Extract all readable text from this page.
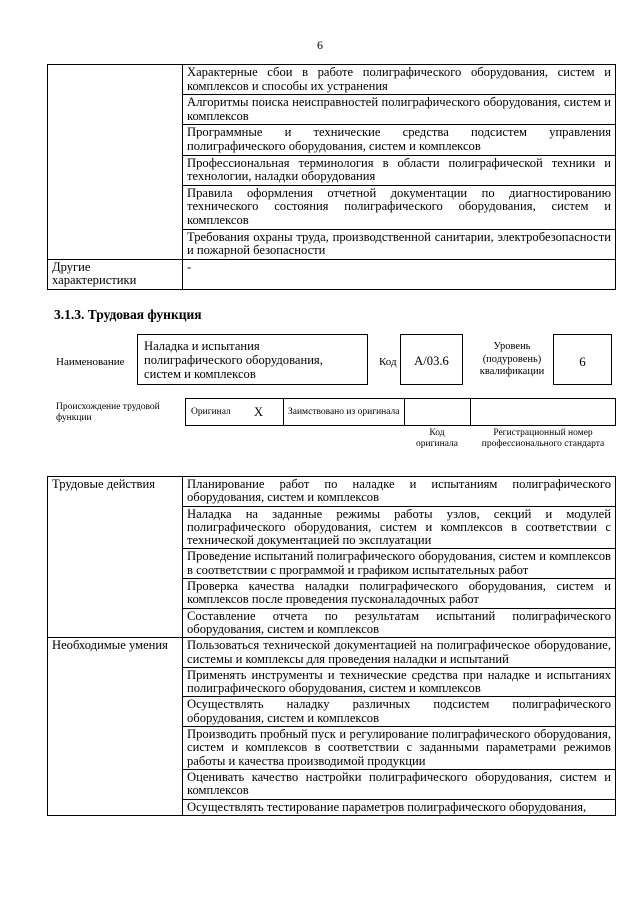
6
	Характерные сбои в работе полиграфического оборудования, систем и комплексов и способы их устранения
	Алгоритмы поиска неисправностей полиграфического оборудования, систем и комплексов
	Программные и технические средства подсистем управления полиграфического оборудования, систем и комплексов
	Профессиональная терминология в области полиграфической техники и технологии, наладки оборудования
	Правила оформления отчетной документации по диагностированию технического состояния полиграфического оборудования, систем и комплексов
	Требования охраны труда, производственной санитарии, электробезопасности и пожарной безопасности
Другие характеристики	-
3.1.3. Трудовая функция
Наименование
Наладка и испытания полиграфического оборудования, систем и комплексов
Код	А/03.6
Уровень (подуровень) квалификации
6
Происхождение трудовой функции
Оригинал Х	Заимствовано из оригинала
Код оригинала
Регистрационный номер профессионального стандарта
Трудовые действия	Планирование работ по наладке и испытаниям полиграфического оборудования, систем и комплексов
	Наладка на заданные режимы работы узлов, секций и модулей полиграфического оборудования, систем и комплексов в соответствии с технической документацией по эксплуатации
	Проведение испытаний полиграфического оборудования, систем и комплексов в соответствии с программой и графиком испытательных работ
	Проверка качества наладки полиграфического оборудования, систем и комплексов после проведения пусконаладочных работ
	Составление отчета по результатам испытаний полиграфического оборудования, систем и комплексов
Необходимые умения	Пользоваться технической документацией на полиграфическое оборудование, системы и комплексы для проведения наладки и испытаний
	Применять инструменты и технические средства при наладке и испытаниях полиграфического оборудования, систем и комплексов
	Осуществлять наладку различных подсистем полиграфического оборудования, систем и комплексов
	Производить пробный пуск и регулирование полиграфического оборудования, систем и комплексов в соответствии с заданными параметрами режимов работы и качества производимой продукции
	Оценивать качество настройки полиграфического оборудования, систем и комплексов
	Осуществлять тестирование параметров полиграфического оборудования,
